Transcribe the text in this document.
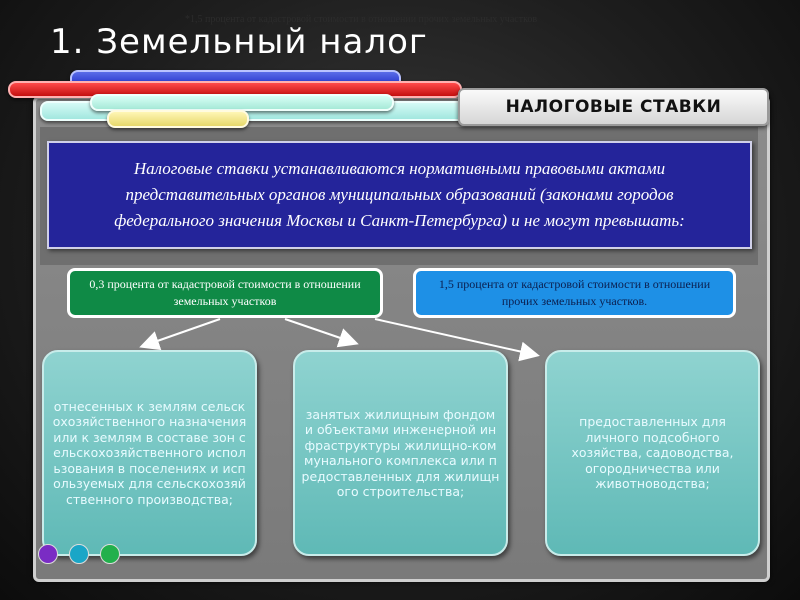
*1,5 процента от кадастровой стоимости в отношении прочих земельных участков
1. Земельный налог
НАЛОГОВЫЕ СТАВКИ
Налоговые ставки устанавливаются нормативными правовыми актами представительных органов муниципальных образований (законами городов федерального значения Москвы и Санкт-Петербурга) и не могут превышать:
0,3 процента от кадастровой стоимости в отношении земельных участков
1,5 процента от кадастровой стоимости в отношении прочих земельных участков.
отнесенных к землям сельскохозяйственного назначения или к землям в составе зон сельскохозяйственного использования в поселениях и используемых для сельскохозяйственного производства;
занятых жилищным фондом и объектами инженерной инфраструктуры жилищно-коммунального комплекса или предоставленных для жилищного строительства;
предоставленных для личного подсобного хозяйства, садоводства, огородничества или животноводства;
